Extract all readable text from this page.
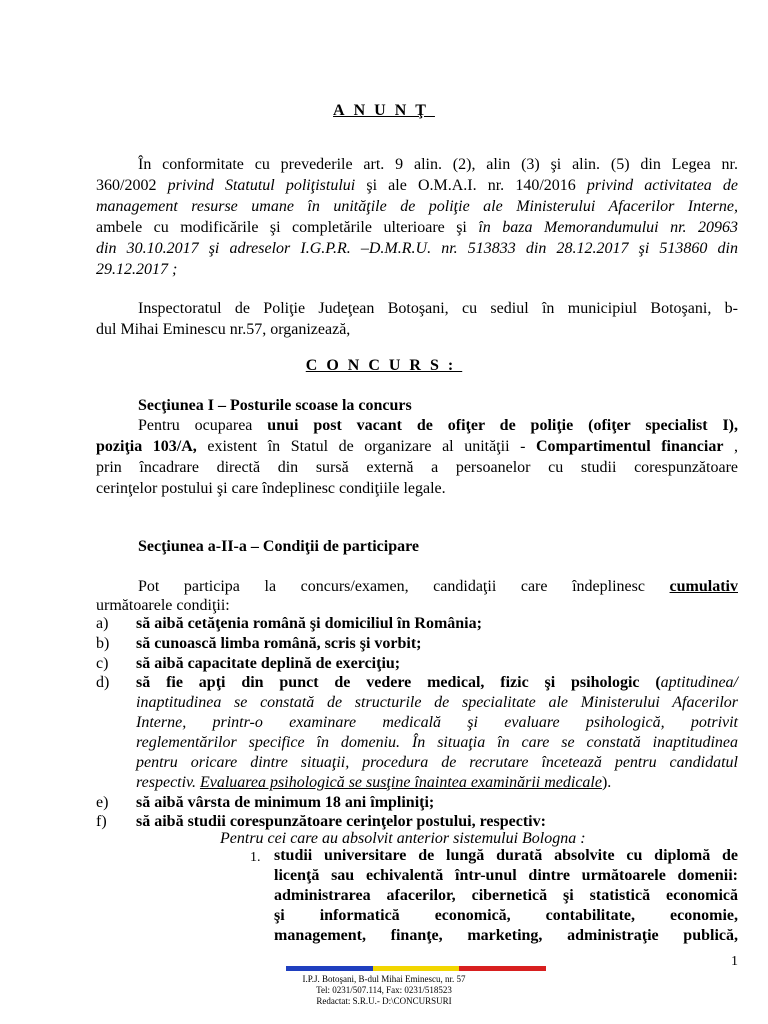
ANUNŢ
În conformitate cu prevederile art. 9 alin. (2), alin (3) şi alin. (5) din Legea nr.
360/2002 privind Statutul poliţistului şi ale O.M.A.I. nr. 140/2016 privind activitatea de
management resurse umane în unităţile de poliţie ale Ministerului Afacerilor Interne,
ambele cu modificările şi completările ulterioare şi în baza Memorandumului nr. 20963
din 30.10.2017 şi adreselor I.G.P.R. –D.M.R.U. nr. 513833 din 28.12.2017 şi 513860 din
29.12.2017 ;
Inspectoratul de Poliţie Judeţean Botoşani, cu sediul în municipiul Botoşani, b-
dul Mihai Eminescu nr.57, organizează,
CONCURS:
Secţiunea I – Posturile scoase la concurs
Pentru ocuparea unui post vacant de ofiţer de poliţie (ofiţer specialist I),
poziţia 103/A, existent în Statul de organizare al unităţii - Compartimentul financiar ,
prin încadrare directă din sursă externă a persoanelor cu studii corespunzătoare
cerinţelor postului şi care îndeplinesc condiţiile legale.
Secţiunea a-II-a – Condiţii de participare
Pot participa la concurs/examen, candidaţii care îndeplinesc cumulativ
următoarele condiţii:
a)	să aibă cetăţenia română şi domiciliul în România;
b)	să cunoască limba română, scris şi vorbit;
c)	să aibă capacitate deplină de exerciţiu;
d)	să fie apţi din punct de vedere medical, fizic şi psihologic (aptitudinea/
inaptitudinea se constată de structurile de specialitate ale Ministerului Afacerilor
Interne, printr-o examinare medicală şi evaluare psihologică, potrivit
reglementărilor specifice în domeniu. În situaţia în care se constată inaptitudinea
pentru oricare dintre situaţii, procedura de recrutare încetează pentru candidatul
respectiv. Evaluarea psihologică se susţine înaintea examinării medicale).
e)	să aibă vârsta de minimum 18 ani împliniţi;
f)	să aibă studii corespunzătoare cerinţelor postului, respectiv:
Pentru cei care au absolvit anterior sistemului Bologna :
1. studii universitare de lungă durată absolvite cu diplomă de
licenţă sau echivalentă într-unul dintre următoarele domenii:
administrarea afacerilor, cibernetică şi statistică economică
şi informatică economică, contabilitate, economie,
management, finanţe, marketing, administraţie publică,
1
I.P.J. Botoşani, B-dul Mihai Eminescu, nr. 57
Tel: 0231/507.114, Fax: 0231/518523
Redactat: S.R.U.- D:\CONCURSURI
